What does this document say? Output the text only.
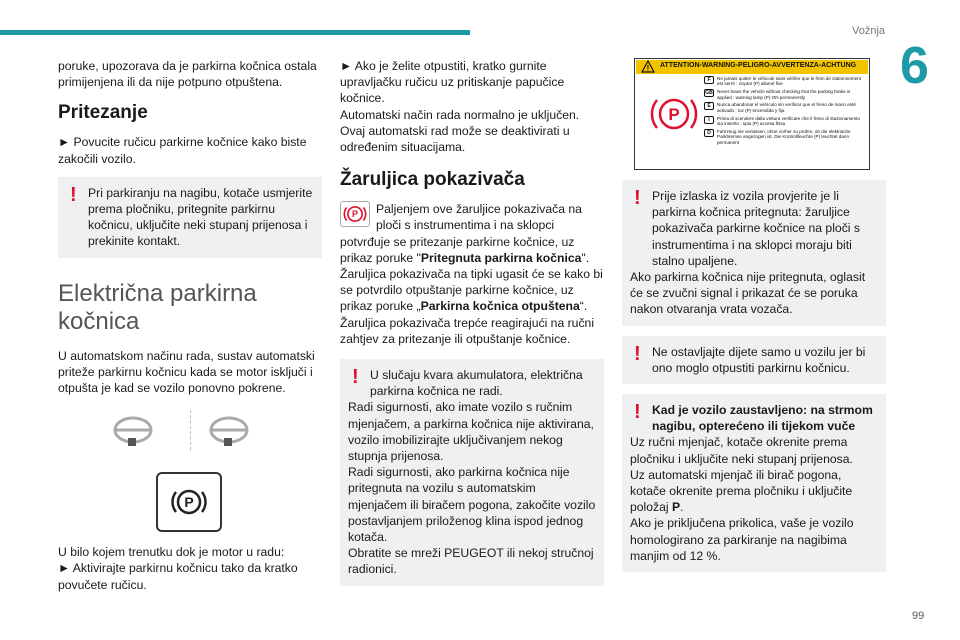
Vožnja
6

poruke, upozorava da je parkirna kočnica ostala primijenjena ili da nije potpuno otpuštena.

Pritezanje

► Povucite ručicu parkirne kočnice kako biste zakočili vozilo.

! Pri parkiranju na nagibu, kotače usmjerite prema pločniku, pritegnite parkirnu kočnicu, uključite neki stupanj prijenosa i prekinite kontakt.

Električna parkirna kočnica

U automatskom načinu rada, sustav automatski priteže parkirnu kočnicu kada se motor isključi i otpušta je kad se vozilo ponovno pokrene.

P

U bilo kojem trenutku dok je motor u radu:

► Aktivirajte parkirnu kočnicu tako da kratko povučete ručicu.

► Ako je želite otpustiti, kratko gurnite upravljačku ručicu uz pritiskanje papučice kočnice.

Automatski način rada normalno je uključen. Ovaj automatski rad može se deaktivirati u određenim situacijama.

Žaruljica pokazivača
P	Paljenjem ove žaruljice pokazivača na ploči s instrumentima i na sklopci potvrđuje se pritezanje parkirne kočnice, uz prikaz poruke "Pritegnuta parkirna kočnica".

Žaruljica pokazivača na tipki ugasit će se kako bi se potvrdilo otpuštanje parkirne kočnice, uz prikaz poruke „Parkirna kočnica otpuštena“.

Žaruljica pokazivača trepće reagirajući na ručni zahtjev za pritezanje ili otpuštanje kočnice.

! U slučaju kvara akumulatora, električna parkirna kočnica ne radi.

Radi sigurnosti, ako imate vozilo s ručnim mjenjačem, a parkirna kočnica nije aktivirana, vozilo imobilizirajte uključivanjem nekog stupnja prijenosa.

Radi sigurnosti, ako parkirna kočnica nije pritegnuta na vozilu s automatskim mjenjačem ili biračem pogona, zakočite vozilo postavljanjem priloženog klina ispod jednog kotača.

Obratite se mreži PEUGEOT ili nekoj stručnoj radionici.

!
P
ATTENTION-WARNING-PELIGRO-AVVERTENZA-ACHTUNG
F	Ne jamais quitter le véhicule sans vérifier que le frein de stationnement est serré : voyant (P) allumé fixe
GB Never leave the vehicle without checking that the parking brake is applied : warning lamp (P) ON permanently
E	Nunca abandonar el vehículo sin verificar que el freno de mano esté activado : luz (P) encendida y fija
I	Prima di scendere dalla vettura verificare che il freno di stazionamento sia inserito : spia (P) accesa fissa
D	Fahrzeug nie verlassen, ohne vorher zu prüfen, ob die elektrische Parkbremse angezogen ist. Die Kontrollleuchte (P) leuchtet dann permanent
! Prije izlaska iz vozila provjerite je li parkirna kočnica pritegnuta: žaruljice pokazivača parkirne kočnice na ploči s instrumentima i na sklopci moraju biti stalno upaljene.

Ako parkirna kočnica nije pritegnuta, oglasit će se zvučni signal i prikazat će se poruka nakon otvaranja vrata vozača.

! Ne ostavljajte dijete samo u vozilu jer bi ono moglo otpustiti parkirnu kočnicu.

! Kad je vozilo zaustavljeno: na strmom nagibu, opterećeno ili tijekom vuče

Uz ručni mjenjač, kotače okrenite prema pločniku i uključite neki stupanj prijenosa.

Uz automatski mjenjač ili birač pogona, kotače okrenite prema pločniku i uključite položaj P.

Ako je priključena prikolica, vaše je vozilo homologirano za parkiranje na nagibima manjim od 12 %.

99
